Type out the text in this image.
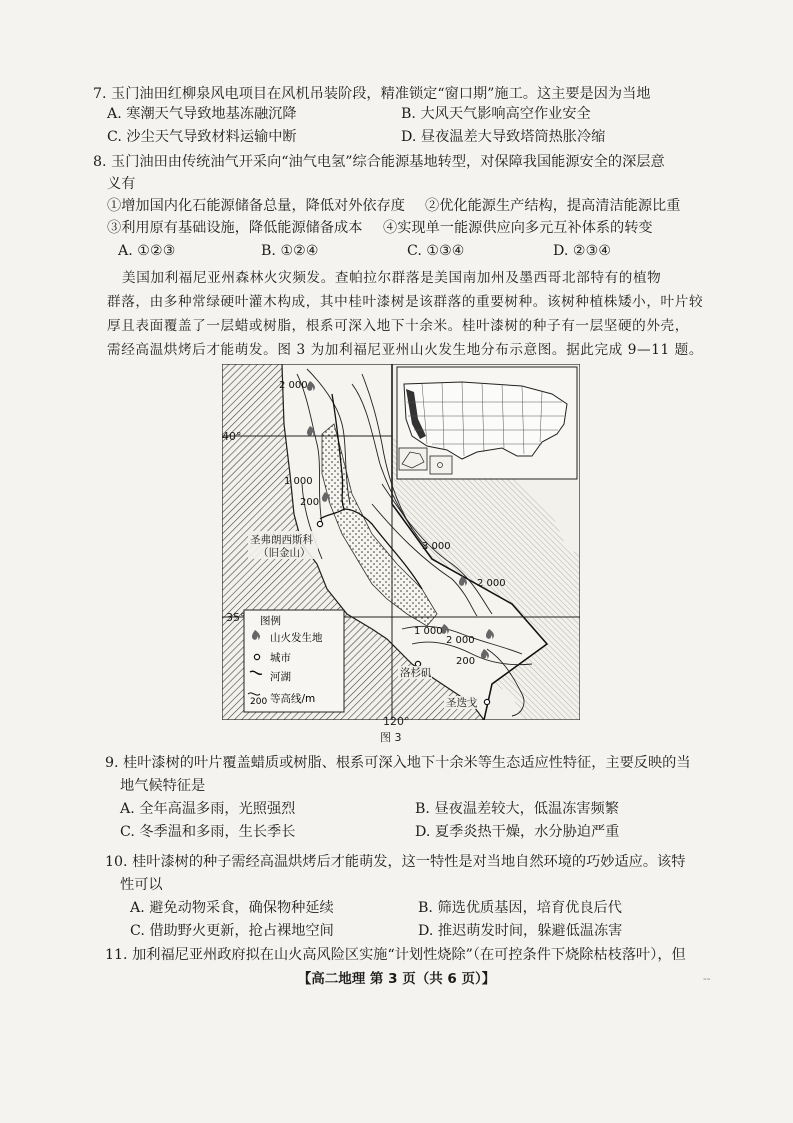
7. 玉门油田红柳泉风电项目在风机吊装阶段，精准锁定“窗口期”施工。这主要是因为当地
A. 寒潮天气导致地基冻融沉降	B. 大风天气影响高空作业安全
C. 沙尘天气导致材料运输中断	D. 昼夜温差大导致塔筒热胀冷缩
8. 玉门油田由传统油气开采向“油气电氢”综合能源基地转型，对保障我国能源安全的深层意
义有
①增加国内化石能源储备总量，降低对外依存度 ②优化能源生产结构，提高清洁能源比重
③利用原有基础设施，降低能源储备成本 ④实现单一能源供应向多元互补体系的转变
A. ①②③	B. ①②④	C. ①③④	D. ②③④
美国加利福尼亚州森林火灾频发。查帕拉尔群落是美国南加州及墨西哥北部特有的植物
群落，由多种常绿硬叶灌木构成，其中桂叶漆树是该群落的重要树种。该树种植株矮小，叶片较
厚且表面覆盖了一层蜡或树脂，根系可深入地下十余米。桂叶漆树的种子有一层坚硬的外壳，
需经高温烘烤后才能萌发。图 3 为加利福尼亚州山火发生地分布示意图。据此完成 9—11 题。
2 000
1 000
200
3 000
2 000
1 000
2 000
200
圣弗朗西斯科
（旧金山）
洛杉矶
圣迭戈
图例
山火发生地
城市
河湖
200 等高线/m
40°
35°
120°
图 3
9. 桂叶漆树的叶片覆盖蜡质或树脂、根系可深入地下十余米等生态适应性特征，主要反映的当
地气候特征是
A. 全年高温多雨，光照强烈	B. 昼夜温差较大，低温冻害频繁
C. 冬季温和多雨，生长季长	D. 夏季炎热干燥，水分胁迫严重
10. 桂叶漆树的种子需经高温烘烤后才能萌发，这一特性是对当地自然环境的巧妙适应。该特
性可以
A. 避免动物采食，确保物种延续	B. 筛选优质基因，培育优良后代
C. 借助野火更新，抢占裸地空间	D. 推迟萌发时间，躲避低温冻害
11. 加利福尼亚州政府拟在山火高风险区实施“计划性烧除”（在可控条件下烧除枯枝落叶），但
【高二地理 第 3 页（共 6 页）】	--
